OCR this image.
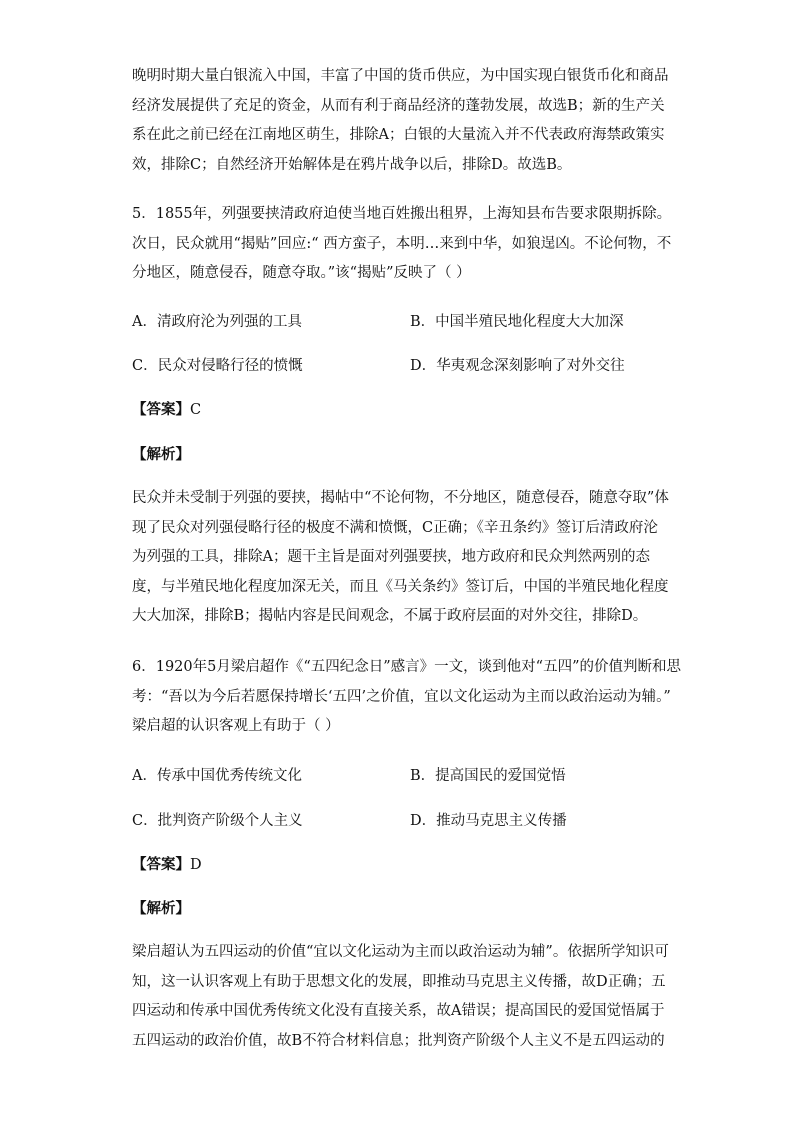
晚明时期大量白银流入中国，丰富了中国的货币供应，为中国实现白银货币化和商品
经济发展提供了充足的资金，从而有利于商品经济的蓬勃发展，故选B；新的生产关
系在此之前已经在江南地区萌生，排除A；白银的大量流入并不代表政府海禁政策实
效，排除C；自然经济开始解体是在鸦片战争以后，排除D。故选B。

5．1855年，列强要挟清政府迫使当地百姓搬出租界，上海知县布告要求限期拆除。
次日，民众就用“揭贴”回应:“ 西方蛮子，本明…来到中华，如狼逞凶。不论何物，不
分地区，随意侵吞，随意夺取。”该“揭贴”反映了（ ）

A．清政府沦为列强的工具	B．中国半殖民地化程度大大加深
C．民众对侵略行径的愤慨	D．华夷观念深刻影响了对外交往
【答案】C
【解析】

民众并未受制于列强的要挟，揭帖中“不论何物，不分地区，随意侵吞，随意夺取”体
现了民众对列强侵略行径的极度不满和愤慨，C正确；《辛丑条约》签订后清政府沦
为列强的工具，排除A；题干主旨是面对列强要挟，地方政府和民众判然两别的态
度，与半殖民地化程度加深无关，而且《马关条约》签订后，中国的半殖民地化程度
大大加深，排除B；揭帖内容是民间观念，不属于政府层面的对外交往，排除D。

6．1920年5月梁启超作《“五四纪念日”感言》一文，谈到他对“五四”的价值判断和思
考：“吾以为今后若愿保持增长‘五四’之价值，宜以文化运动为主而以政治运动为辅。”
梁启超的认识客观上有助于（ ）

A．传承中国优秀传统文化	B．提高国民的爱国觉悟
C．批判资产阶级个人主义	D．推动马克思主义传播
【答案】D
【解析】

梁启超认为五四运动的价值“宜以文化运动为主而以政治运动为辅”。依据所学知识可
知，这一认识客观上有助于思想文化的发展，即推动马克思主义传播，故D正确；五
四运动和传承中国优秀传统文化没有直接关系，故A错误；提高国民的爱国觉悟属于
五四运动的政治价值，故B不符合材料信息；批判资产阶级个人主义不是五四运动的
